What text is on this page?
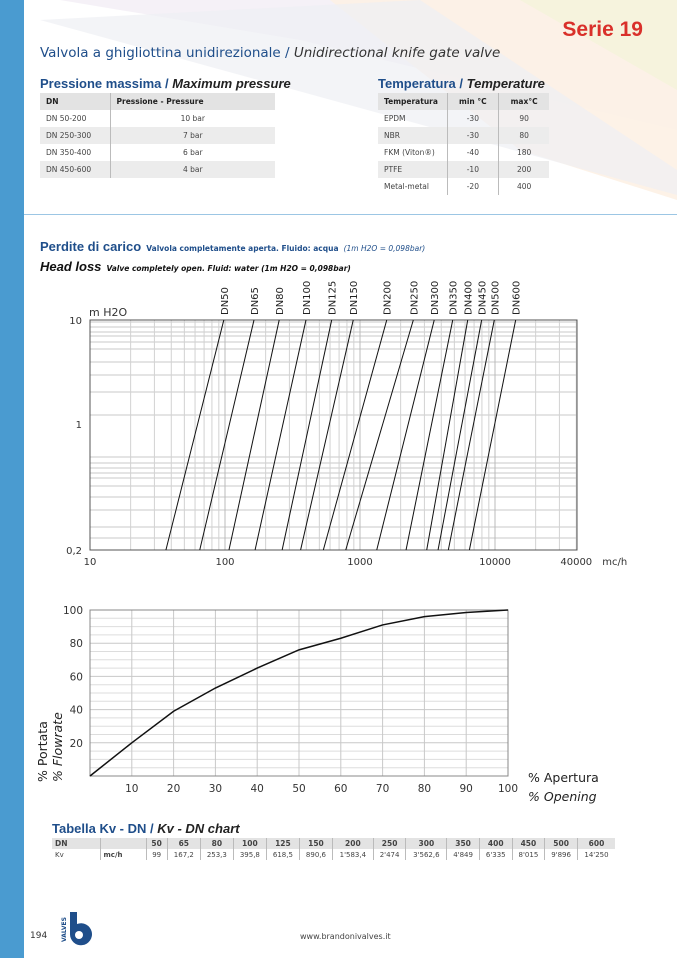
Serie 19
Valvola a ghigliottina unidirezionale / Unidirectional knife gate valve
Pressione massima / Maximum pressure
DN	Pressione - Pressure
DN 50-200	10 bar
DN 250-300	7 bar
DN 350-400	6 bar
DN 450-600	4 bar
Temperatura / Temperature
Temperatura	min °C	max°C
EPDM	-30	90
NBR	-30	80
FKM (Viton®)	-40	180
PTFE	-10	200
Metal-metal	-20	400
Perdite di carico Valvola completamente aperta. Fluido: acqua (1m H2O = 0,098bar)
Head loss Valve completely open. Fluid: water (1m H2O = 0,098bar)
DN50 DN65 DN80 DN100 DN125 DN150 DN200 DN250 DN300 DN350 DN400 DN450 DN500 DN600
10	100	1000	10000	40000 mc/h
10
1
0,2
m H2O
10	20	30	40	50	60	70	80	90 100
20
40
60
80
100
% Apertura
% Opening
% Portata % Flowrate
Tabella Kv - DN / Kv - DN chart
DN		50	65	80	100	125	150	200	250	300	350	400	450	500	600
Kv	mc/h	99	167,2	253,3	395,8	618,5	890,6	1'583,4	2'474	3'562,6	4'849	6'335	8'015	9'896	14'250
194 VALVES	www.brandonivalves.it
